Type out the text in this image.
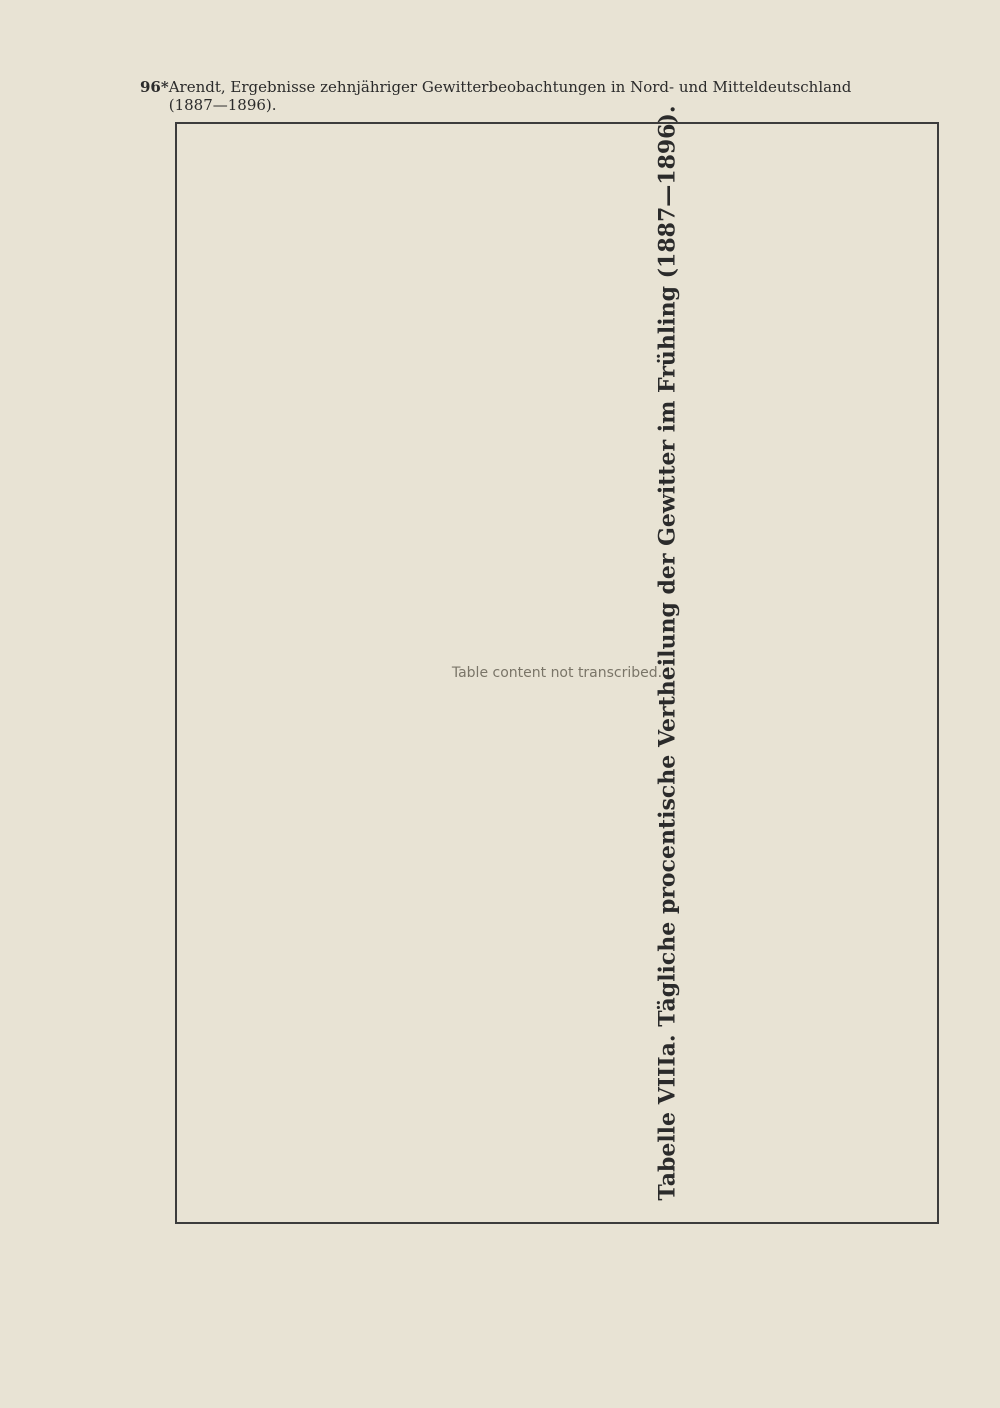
96* Arendt, Ergebnisse zehnjähriger Gewitterbeobachtungen in Nord- und Mitteldeutschland (1887—1896).
Tabelle VIIIa. Tägliche procentische Vertheilung der Gewitter im Frühling (1887—1896).
Table content not transcribed.
